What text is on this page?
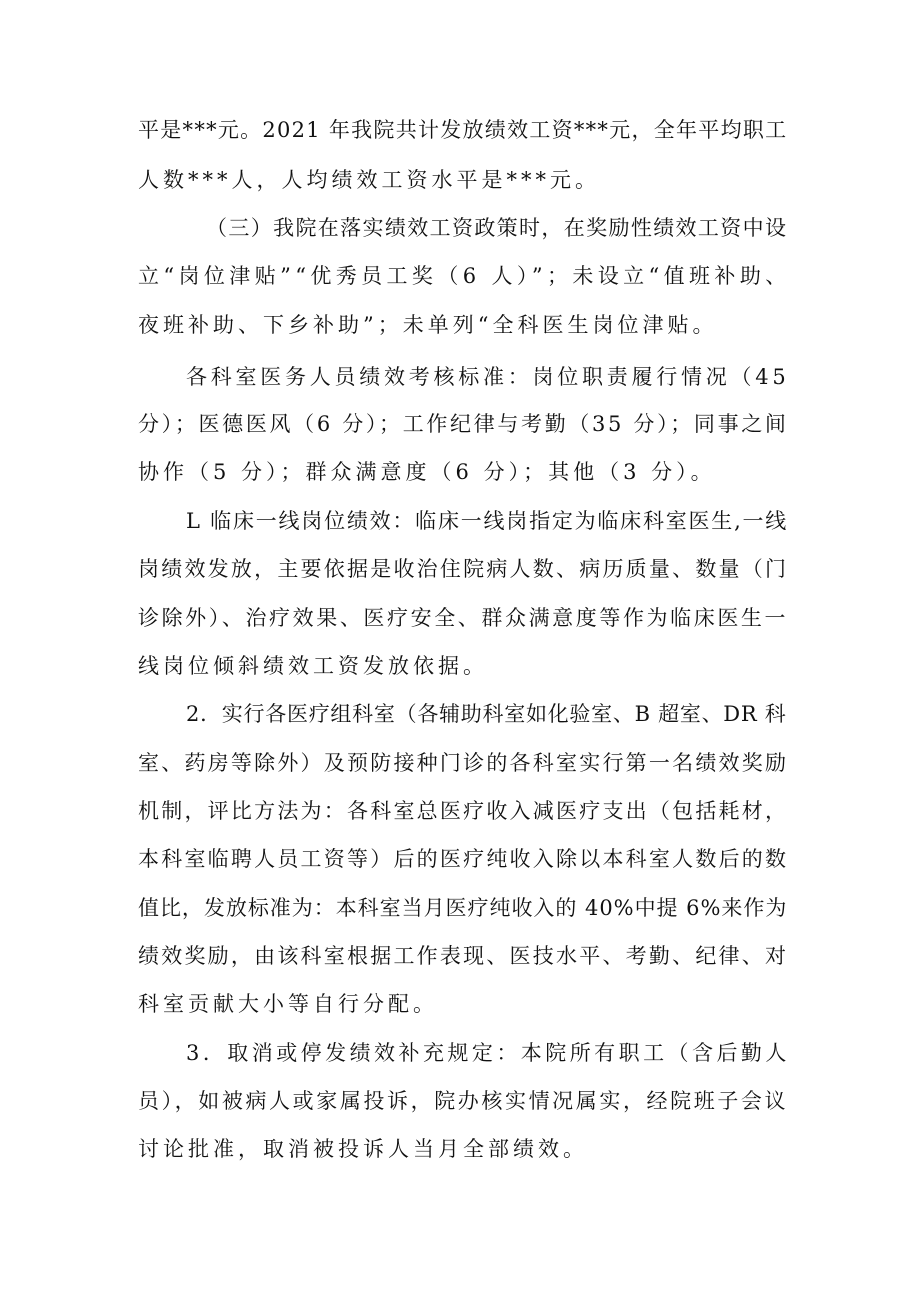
平是***元。2021 年我院共计发放绩效工资***元，全年平均职工
人数***人，人均绩效工资水平是***元。
（三）我院在落实绩效工资政策时，在奖励性绩效工资中设
立“岗位津贴”“优秀员工奖（6 人）”；未设立“值班补助、
夜班补助、下乡补助”；未单列“全科医生岗位津贴。
各科室医务人员绩效考核标准：岗位职责履行情况（45
分）；医德医风（6 分）；工作纪律与考勤（35 分）；同事之间
协作（5 分）；群众满意度（6 分）；其他（3 分）。
L 临床一线岗位绩效：临床一线岗指定为临床科室医生,一线
岗绩效发放，主要依据是收治住院病人数、病历质量、数量（门
诊除外）、治疗效果、医疗安全、群众满意度等作为临床医生一
线岗位倾斜绩效工资发放依据。
2．实行各医疗组科室（各辅助科室如化验室、B 超室、DR 科
室、药房等除外）及预防接种门诊的各科室实行第一名绩效奖励
机制，评比方法为：各科室总医疗收入减医疗支出（包括耗材，
本科室临聘人员工资等）后的医疗纯收入除以本科室人数后的数
值比，发放标准为：本科室当月医疗纯收入的 40%中提 6%来作为
绩效奖励，由该科室根据工作表现、医技水平、考勤、纪律、对
科室贡献大小等自行分配。
3．取消或停发绩效补充规定：本院所有职工（含后勤人
员），如被病人或家属投诉，院办核实情况属实，经院班子会议
讨论批准，取消被投诉人当月全部绩效。
